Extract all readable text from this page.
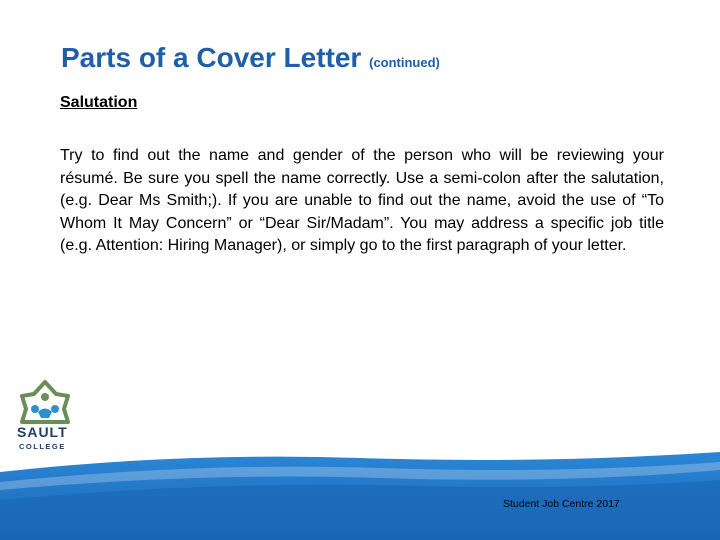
Parts of a Cover Letter (continued)
Salutation

Try to find out the name and gender of the person who will be reviewing your résumé. Be sure you spell the name correctly. Use a semi-colon after the salutation, (e.g. Dear Ms Smith;). If you are unable to find out the name, avoid the use of “To Whom It May Concern” or “Dear Sir/Madam”. You may address a specific job title (e.g. Attention: Hiring Manager), or simply go to the first paragraph of your letter.

SAULT
COLLEGE
Student Job Centre 2017
